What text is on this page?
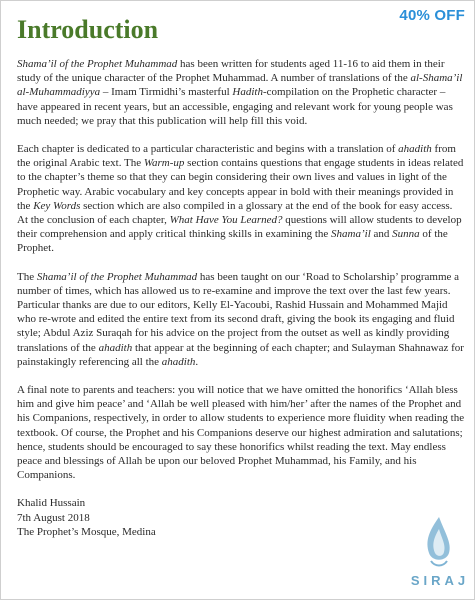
40% OFF
Introduction

Shama’il of the Prophet Muhammad has been written for students aged 11-16 to aid them in their study of the unique character of the Prophet Muhammad. A number of translations of the al-Shama’il al-Muhammadiyya – Imam Tirmidhi’s masterful Hadith-compilation on the Prophetic character – have appeared in recent years, but an accessible, engaging and relevant work for young people was much needed; we pray that this publication will help fill this void.

Each chapter is dedicated to a particular characteristic and begins with a translation of ahadith from the original Arabic text. The Warm-up section contains questions that engage students in ideas related to the chapter’s theme so that they can begin considering their own lives and values in light of the Prophetic way. Arabic vocabulary and key concepts appear in bold with their meanings provided in the Key Words section which are also compiled in a glossary at the end of the book for easy access. At the conclusion of each chapter, What Have You Learned? questions will allow students to develop their comprehension and apply critical thinking skills in examining the Shama’il and Sunna of the Prophet.

The Shama’il of the Prophet Muhammad has been taught on our ‘Road to Scholarship’ programme a number of times, which has allowed us to re-examine and improve the text over the last few years. Particular thanks are due to our editors, Kelly El-Yacoubi, Rashid Hussain and Mohammed Majid who re-wrote and edited the entire text from its second draft, giving the book its engaging and fluid style; Abdul Aziz Suraqah for his advice on the project from the outset as well as kindly providing translations of the ahadith that appear at the beginning of each chapter; and Sulayman Shahnawaz for painstakingly referencing all the ahadith.

A final note to parents and teachers: you will notice that we have omitted the honorifics ‘Allah bless him and give him peace’ and ‘Allah be well pleased with him/her’ after the names of the Prophet and his Companions, respectively, in order to allow students to experience more fluidity when reading the textbook. Of course, the Prophet and his Companions deserve our highest admiration and salutations; hence, students should be encouraged to say these honorifics whilst reading the text. May endless peace and blessings of Allah be upon our beloved Prophet Muhammad, his Family, and his Companions.

Khalid Hussain
7th August 2018
The Prophet’s Mosque, Medina
SIRAJ
